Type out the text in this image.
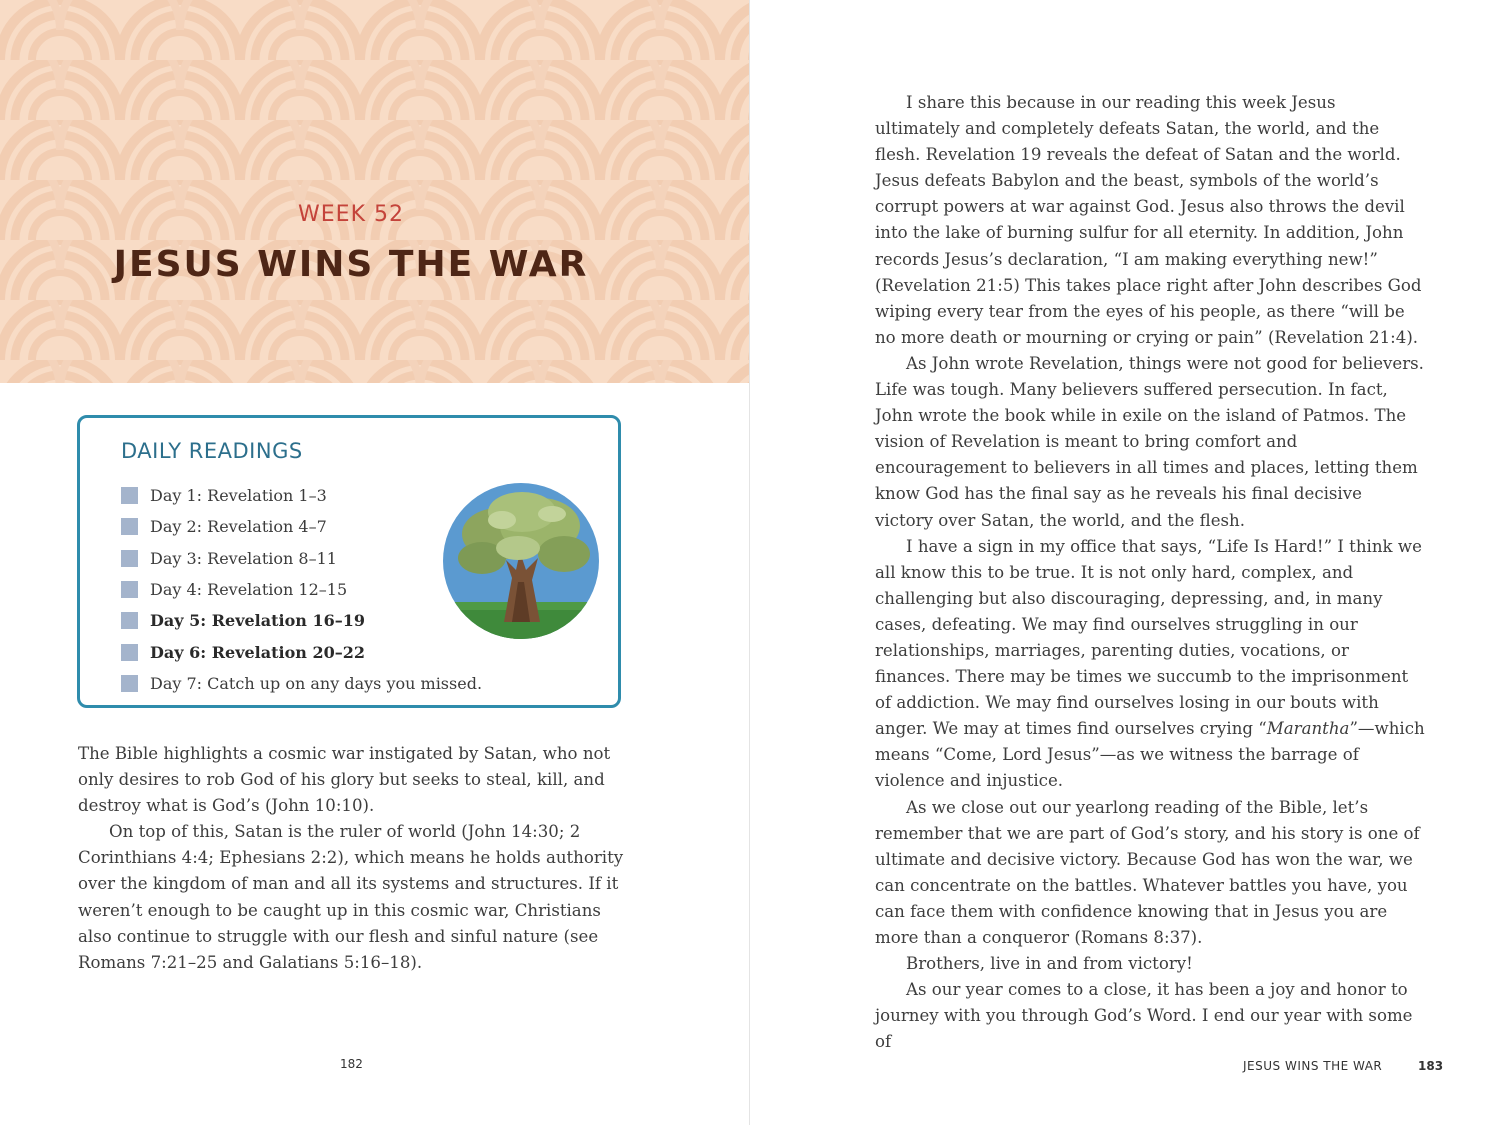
WEEK 52
JESUS WINS THE WAR
DAILY READINGS
Day 1: Revelation 1–3
Day 2: Revelation 4–7
Day 3: Revelation 8–11
Day 4: Revelation 12–15
Day 5: Revelation 16–19
Day 6: Revelation 20–22
Day 7: Catch up on any days you missed.

The Bible highlights a cosmic war instigated by Satan, who not only desires to rob God of his glory but seeks to steal, kill, and destroy what is God’s (John 10:10).

On top of this, Satan is the ruler of world (John 14:30; 2 Corinthians 4:4; Ephesians 2:2), which means he holds authority over the kingdom of man and all its systems and structures. If it weren’t enough to be caught up in this cosmic war, Christians also continue to struggle with our flesh and sinful nature (see Romans 7:21–25 and Galatians 5:16–18).

182

I share this because in our reading this week Jesus ultimately and completely defeats Satan, the world, and the flesh. Revelation 19 reveals the defeat of Satan and the world. Jesus defeats Babylon and the beast, symbols of the world’s corrupt powers at war against God. Jesus also throws the devil into the lake of burning sulfur for all eternity. In addition, John records Jesus’s declaration, “I am making everything new!” (Revelation 21:5) This takes place right after John describes God wiping every tear from the eyes of his people, as there “will be no more death or mourning or crying or pain” (Revelation 21:4).

As John wrote Revelation, things were not good for believers. Life was tough. Many believers suffered persecution. In fact, John wrote the book while in exile on the island of Patmos. The vision of Revelation is meant to bring comfort and encouragement to believers in all times and places, letting them know God has the final say as he reveals his final decisive victory over Satan, the world, and the flesh.

I have a sign in my office that says, “Life Is Hard!” I think we all know this to be true. It is not only hard, complex, and challenging but also discouraging, depressing, and, in many cases, defeating. We may find ourselves struggling in our relationships, marriages, parenting duties, vocations, or finances. There may be times we succumb to the imprisonment of addiction. We may find ourselves losing in our bouts with anger. We may at times find ourselves crying “Marantha”—which means “Come, Lord Jesus”—as we witness the barrage of violence and injustice.

As we close out our yearlong reading of the Bible, let’s remember that we are part of God’s story, and his story is one of ultimate and decisive victory. Because God has won the war, we can concentrate on the battles. Whatever battles you have, you can face them with confidence knowing that in Jesus you are more than a conqueror (Romans 8:37).

Brothers, live in and from victory!

As our year comes to a close, it has been a joy and honor to journey with you through God’s Word. I end our year with some of

JESUS WINS THE WAR	183
